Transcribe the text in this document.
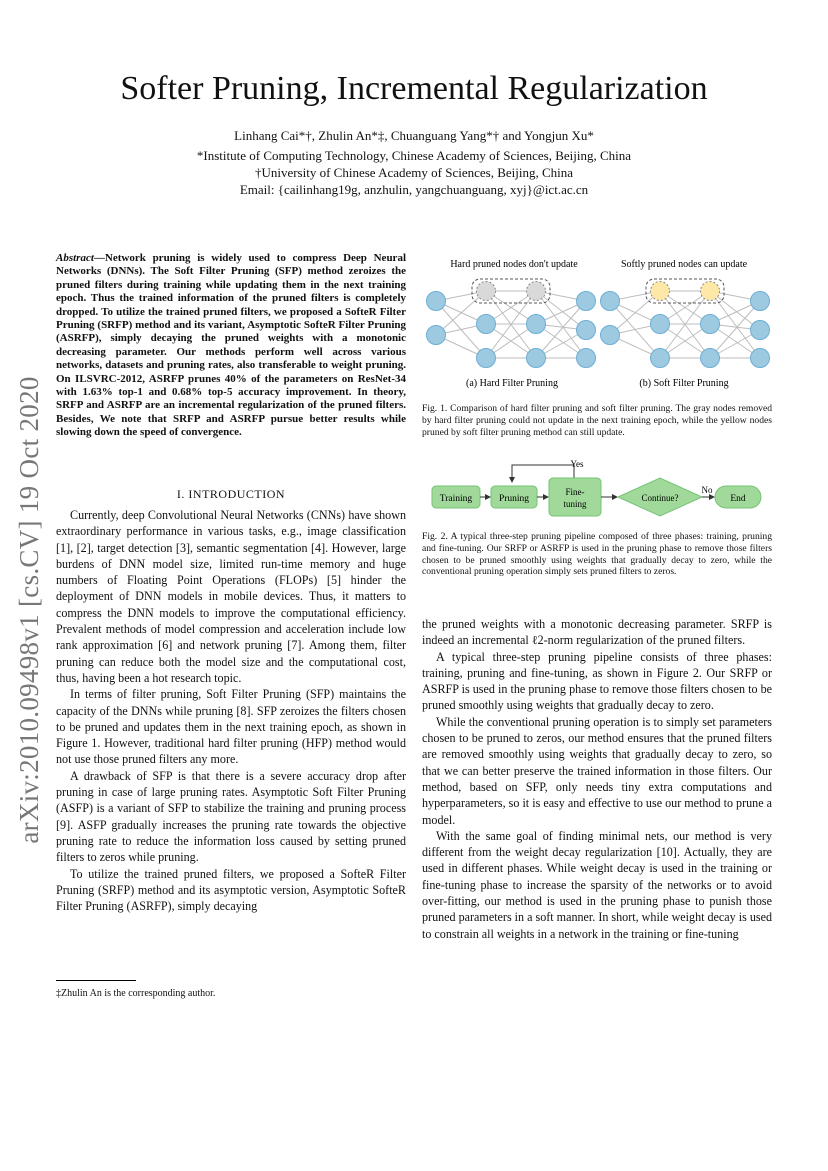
arXiv:2010.09498v1 [cs.CV] 19 Oct 2020
Softer Pruning, Incremental Regularization
Linhang Cai*†, Zhulin An*‡, Chuanguang Yang*† and Yongjun Xu*
*Institute of Computing Technology, Chinese Academy of Sciences, Beijing, China
†University of Chinese Academy of Sciences, Beijing, China
Email: {cailinhang19g, anzhulin, yangchuanguang, xyj}@ict.ac.cn
Abstract—Network pruning is widely used to compress Deep Neural Networks (DNNs). The Soft Filter Pruning (SFP) method zeroizes the pruned filters during training while updating them in the next training epoch. Thus the trained information of the pruned filters is completely dropped. To utilize the trained pruned filters, we proposed a SofteR Filter Pruning (SRFP) method and its variant, Asymptotic SofteR Filter Pruning (ASRFP), simply decaying the pruned weights with a monotonic decreasing parameter. Our methods perform well across various networks, datasets and pruning rates, also transferable to weight pruning. On ILSVRC-2012, ASRFP prunes 40% of the parameters on ResNet-34 with 1.63% top-1 and 0.68% top-5 accuracy improvement. In theory, SRFP and ASRFP are an incremental regularization of the pruned filters. Besides, We note that SRFP and ASRFP pursue better results while slowing down the speed of convergence.
I. INTRODUCTION

Currently, deep Convolutional Neural Networks (CNNs) have shown extraordinary performance in various tasks, e.g., image classification [1], [2], target detection [3], semantic segmentation [4]. However, large burdens of DNN model size, limited run-time memory and huge numbers of Floating Point Operations (FLOPs) [5] hinder the deployment of DNN models in mobile devices. Thus, it matters to compress the DNN models to improve the computational efficiency. Prevalent methods of model compression and acceleration include low rank approximation [6] and network pruning [7]. Among them, filter pruning can reduce both the model size and the computational cost, thus, having been a hot research topic.

In terms of filter pruning, Soft Filter Pruning (SFP) maintains the capacity of the DNNs while pruning [8]. SFP zeroizes the filters chosen to be pruned and updates them in the next training epoch, as shown in Figure 1. However, traditional hard filter pruning (HFP) method would not use those pruned filters any more.

A drawback of SFP is that there is a severe accuracy drop after pruning in case of large pruning rates. Asymptotic Soft Filter Pruning (ASFP) is a variant of SFP to stabilize the training and pruning process [9]. ASFP gradually increases the pruning rate towards the objective pruning rate to reduce the information loss caused by setting pruned filters to zeros while pruning.

To utilize the trained pruned filters, we proposed a SofteR Filter Pruning (SRFP) method and its asymptotic version, Asymptotic SofteR Filter Pruning (ASRFP), simply decaying

‡Zhulin An is the corresponding author.
Hard pruned nodes don't update	Softly pruned nodes can update
(a) Hard Filter Pruning	(b) Soft Filter Pruning
Fig. 1. Comparison of hard filter pruning and soft filter pruning. The gray nodes removed by hard filter pruning could not update in the next training epoch, while the yellow nodes pruned by soft filter pruning method can still update.
Yes
Training	Pruning
Fine-
tuning
Continue?
No
End
Fig. 2. A typical three-step pruning pipeline composed of three phases: training, pruning and fine-tuning. Our SRFP or ASRFP is used in the pruning phase to remove those filters chosen to be pruned smoothly using weights that gradually decay to zero, while the conventional pruning operation simply sets pruned filters to zeros.

the pruned weights with a monotonic decreasing parameter. SRFP is indeed an incremental ℓ2-norm regularization of the pruned filters.

A typical three-step pruning pipeline consists of three phases: training, pruning and fine-tuning, as shown in Figure 2. Our SRFP or ASRFP is used in the pruning phase to remove those filters chosen to be pruned smoothly using weights that gradually decay to zero.

While the conventional pruning operation is to simply set parameters chosen to be pruned to zeros, our method ensures that the pruned filters are removed smoothly using weights that gradually decay to zero, so that we can better preserve the trained information in those filters. Our method, based on SFP, only needs tiny extra computations and hyperparameters, so it is easy and effective to use our method to prune a model.

With the same goal of finding minimal nets, our method is very different from the weight decay regularization [10]. Actually, they are used in different phases. While weight decay is used in the training or fine-tuning phase to increase the sparsity of the networks or to avoid over-fitting, our method is used in the pruning phase to punish those pruned parameters in a soft manner. In short, while weight decay is used to constrain all weights in a network in the training or fine-tuning
